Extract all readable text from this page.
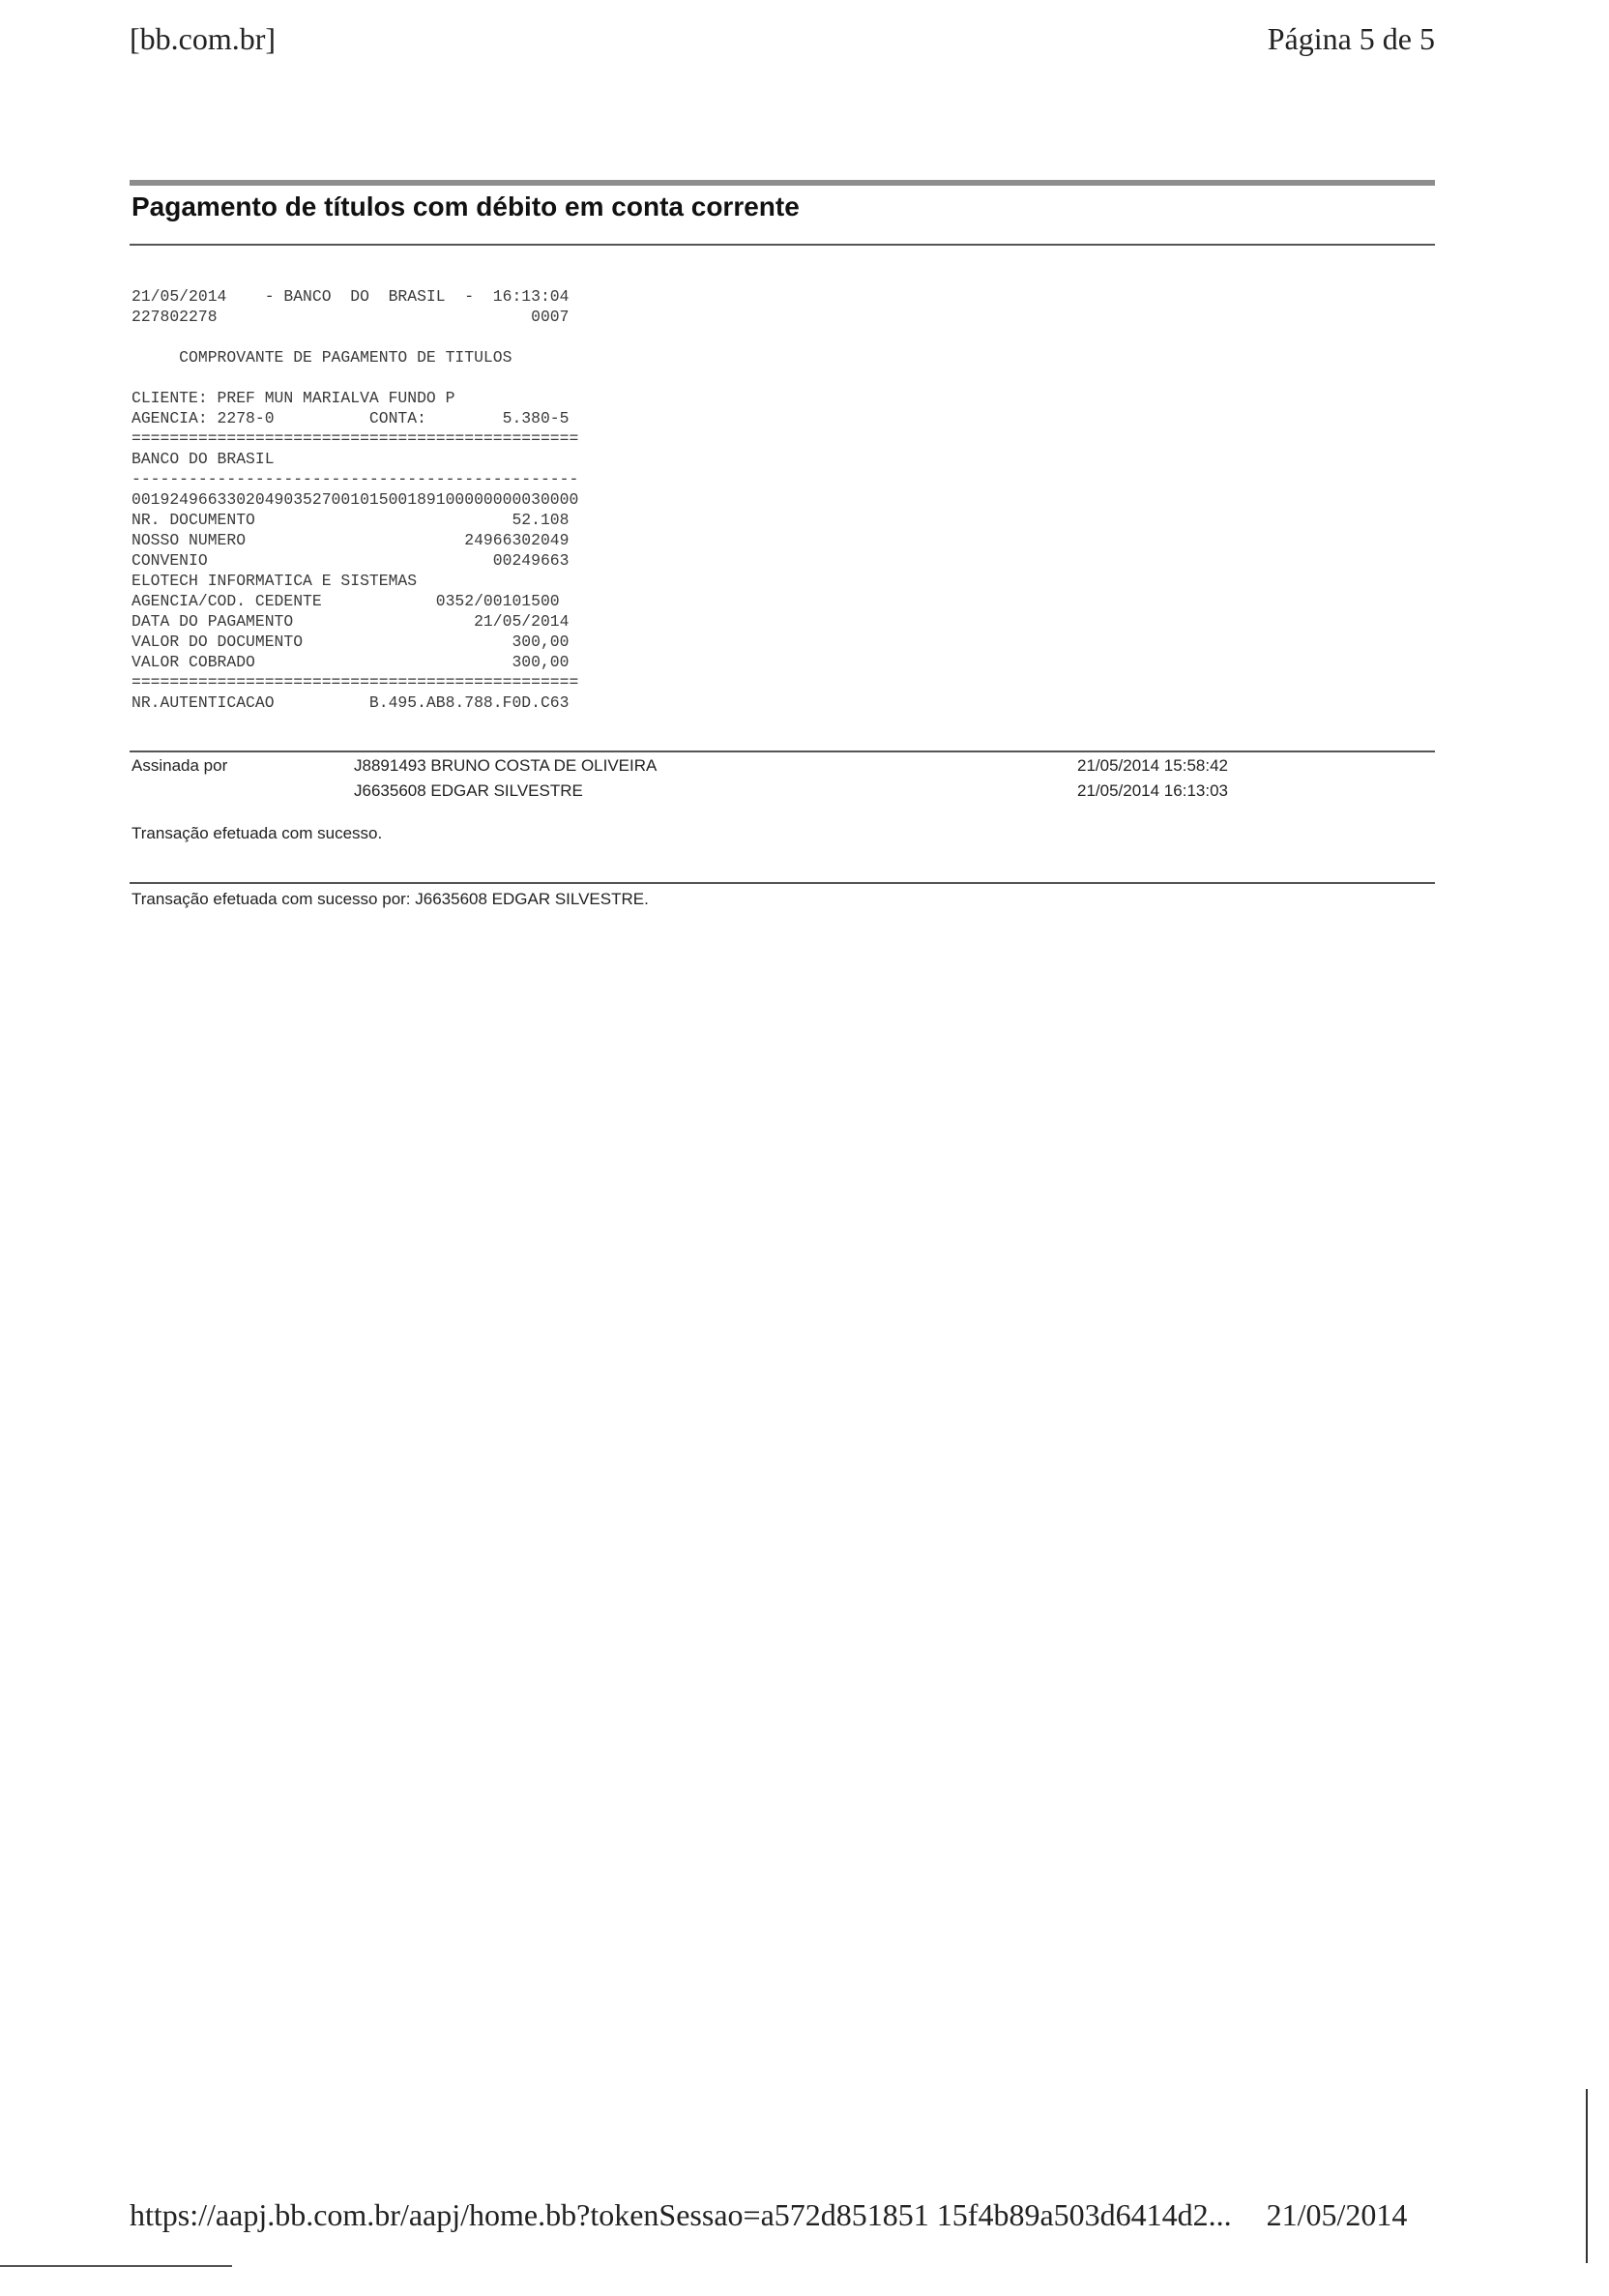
[bb.com.br]	Página 5 de 5
Pagamento de títulos com débito em conta corrente
21/05/2014    - BANCO  DO  BRASIL  -  16:13:04
227802278                                 0007
COMPROVANTE DE PAGAMENTO DE TITULOS
CLIENTE: PREF MUN MARIALVA FUNDO P
AGENCIA: 2278-0          CONTA:        5.380-5
===============================================
BANCO DO BRASIL
-----------------------------------------------
00192496633020490352700101500189100000000030000
NR. DOCUMENTO                           52.108
NOSSO NUMERO                       24966302049
CONVENIO                              00249663
ELOTECH INFORMATICA E SISTEMAS
AGENCIA/COD. CEDENTE            0352/00101500
DATA DO PAGAMENTO                   21/05/2014
VALOR DO DOCUMENTO                      300,00
VALOR COBRADO                           300,00
===============================================
NR.AUTENTICACAO          B.495.AB8.788.F0D.C63
Assinada por	J8891493 BRUNO COSTA DE OLIVEIRA	21/05/2014 15:58:42
J6635608 EDGAR SILVESTRE	21/05/2014 16:13:03
Transação efetuada com sucesso.
Transação efetuada com sucesso por: J6635608 EDGAR SILVESTRE.
https://aapj.bb.com.br/aapj/home.bb?tokenSessao=a572d851851 15f4b89a503d6414d2... 21/05/2014
